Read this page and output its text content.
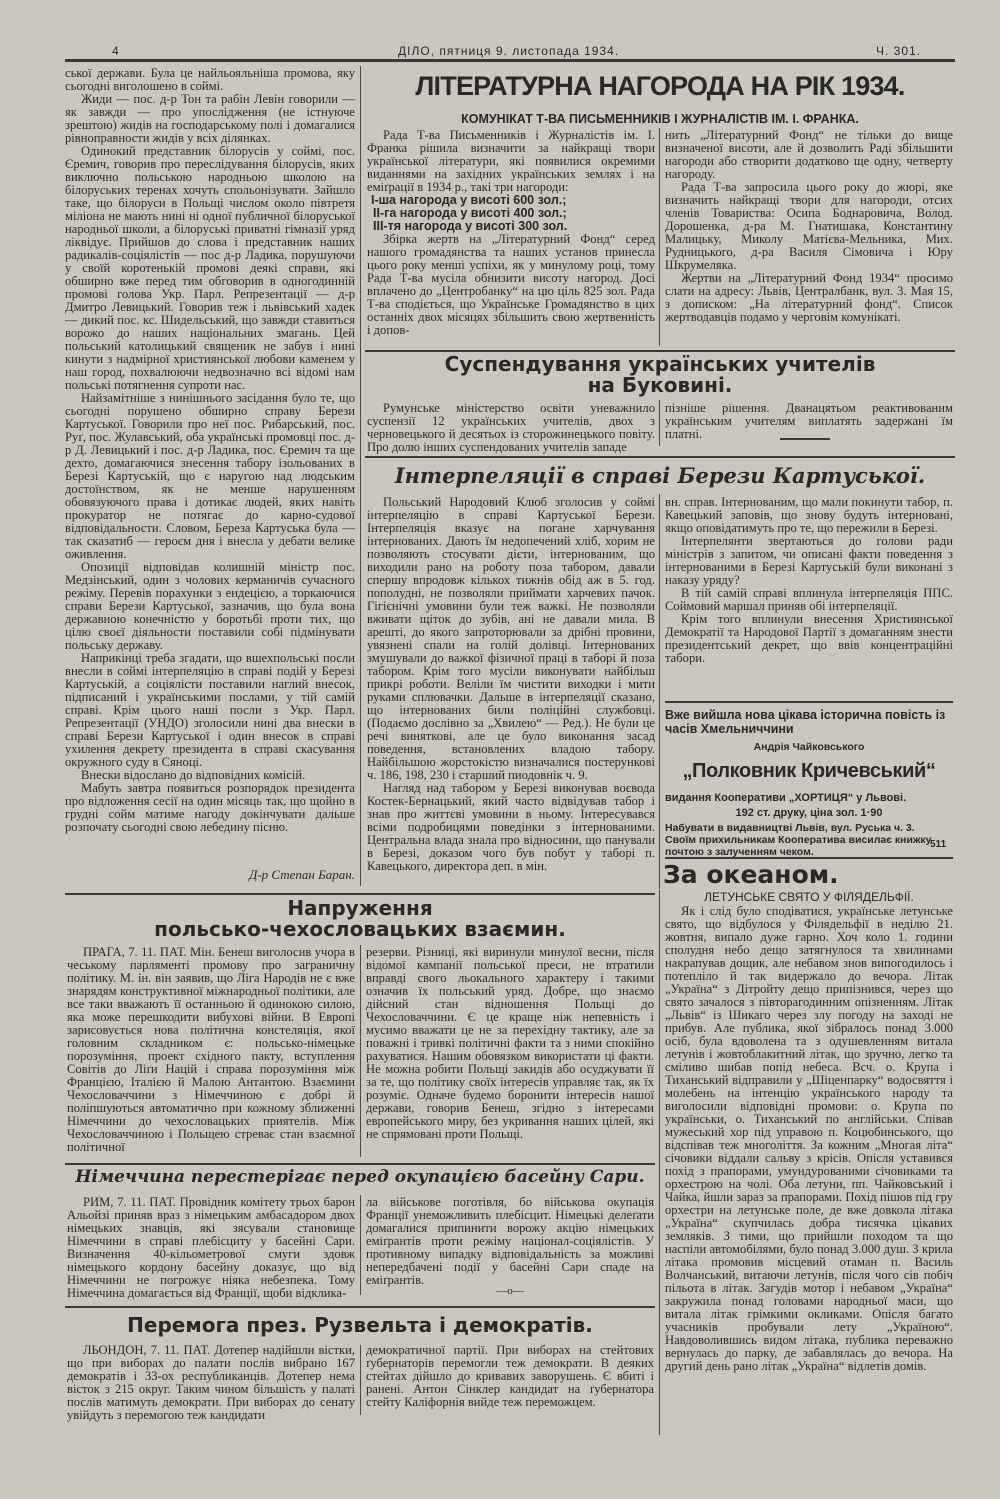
4	ДІЛО, пятниця 9. листопада 1934.	Ч. 301.

ської держави. Була це найльояльніша промова, яку сьогодні виголошено в соймі.

Жиди — пос. д-р Тон та рабін Левін говорили — як завжди — про упослідження (не істнуюче зрештою) жидів на господарському полі і домагалися рівноправности жидів у всіх ділянках.

Одинокий представник білорусів у соймі, пос. Єремич, говорив про переслідування білорусів, яких виключно польською народньою школою на білоруських теренах хочуть спольонізувати. Зайшло таке, що білоруси в Польщі числом около півтретя міліона не мають нині ні одної публичної білоруської народньої школи, а білоруські приватні гімназії уряд ліквідує. Прийшов до слова і представник наших радикалів-соціялістів — пос д-р Ладика, порушуючи у своїй коротенькій промові деякі справи, які обширно вже перед тим обговорив в одногодинній промові голова Укр. Парл. Репрезентації — д-р Дмитро Левицький. Говорив теж і львівський хадек — дикий пос. кс. Шидельський, що завжди ставиться ворожо до наших національних змагань. Цей польський католицький священик не забув і нині кинути з надмірної християнської любови каменем у наш город, похвалюючи недвозначно всі відомі нам польські потягнення супроти нас.

Найзамітніше з нинішнього засідання було те, що сьогодні порушено обширно справу Берези Картуської. Говорили про неї пос. Рибарський, пос. Руґ, пос. Жулавський, оба українські промовці пос. д-р Д. Левицький і пос. д-р Ладика, пос. Єремич та ще дехто, домагаючися знесення табору ізольованих в Березі Картуській, що є наругою над людським достоїнством, як не менше нарушенням обовязуючого права і дотикає людей, яких навіть прокуратор не потягає до карно-судової відповідальности. Словом, Береза Картуська була — так сказатиб — героєм дня і внесла у дебати велике оживлення.

Опозиції відповідав колишній міністр пос. Медзінський, один з чолових керманичів сучасного режіму. Перевів порахунки з ендецією, а торкаючися справи Берези Картуської, зазначив, що була вона державною конечністю у боротьбі проти тих, що цілю своєї діяльности поставили собі підмінувати польську державу.

Наприкінці треба згадати, що вшехпольські посли внесли в соймі інтерпеляцію в справі подій у Березі Картуській, а соціялісти поставили наглий внесок, підписаний і українськими послами, у тій самій справі. Крім цього наші посли з Укр. Парл. Репрезентації (УНДО) зголосили нині два внески в справі Берези Картуської і один внесок в справі ухилення декрету президента в справі скасування окружного суду в Сяноці.

Внески відослано до відповідних комісій.

Мабуть завтра появиться розпорядок президента про відложення сесії на один місяць так, що щойно в грудні сойм матиме нагоду докінчувати дальше розпочату сьогодні свою лебедину пісню.

Д-р Степан Баран.
ЛІТЕРАТУРНА НАГОРОДА НА РІК 1934.
КОМУНІКАТ Т-ВА ПИСЬМЕННИКІВ І ЖУРНАЛІСТІВ ІМ. І. ФРАНКА.

Рада Т-ва Письменників і Журналістів ім. І. Франка рішила визначити за найкращі твори української літератури, які появилися окремими виданнями на західних українських землях і на еміґрації в 1934 р., такі три нагороди:

I-ша нагорода у висоті 600 зол.;
II-га нагорода у висоті 400 зол.;
III-тя нагорода у висоті 300 зол.

Збірка жертв на „Літературний Фонд“ серед нашого громадянства та наших установ принесла цього року менші успіхи, як у минулому році, тому Рада Т-ва мусіла обнизити висоту нагород. Досі вплачено до „Центробанку“ на цю ціль 825 зол. Рада Т-ва сподіється, що Українське Громадянство в цих останніх двох місяцях збільшить свою жертвенність і допов-

нить „Літературний Фонд“ не тільки до вище визначеної висоти, але й дозволить Раді збільшити нагороди або створити додатково ще одну, четверту нагороду.

Рада Т-ва запросила цього року до жюрі, яке визначить найкращі твори для нагороди, отсих членів Товариства: Осипа Боднаровича, Волод. Дорошенка, д-ра М. Гнатишака, Константину Малицьку, Миколу Матієва-Мельника, Мих. Рудницького, д-ра Василя Сімовича і Юру Шкрумеляка.

Жертви на „Літературний Фонд 1934“ просимо слати на адресу: Львів, Централбанк, вул. 3. Мая 15, з дописком: „На літературний фонд“. Список жертводавців подамо у черговім комунікаті.

Суспендування українських учителів
на Буковині.

Румунське міністерство освіти уневажнило суспензії 12 українських учителів, двох з черновецького й десятьох із сторожинецького повіту. Про долю інших суспендованих учителів западе

пізніше рішення. Дванацятьом реактивованим українським учителям виплатять задержані їм платні.

Інтерпеляції в справі Берези Картуської.

Польський Народовий Клюб зголосив у соймі інтерпеляцію в справі Картуської Берези. Інтерпеляція вказує на погане харчування інтернованих. Дають їм недопечений хліб, хорим не позволяють стосувати дієти, інтернованим, що виходили рано на роботу поза табором, давали спершу впродовж кількох тижнів обід аж в 5. год. пополудні, не позволяли приймати харчевих пачок. Гігієнічні умовини були теж важкі. Не позволяли вживати щіток до зубів, ані не давали мила. В арешті, до якого запроторювали за дрібні провини, увязнені спали на голій долівці. Інтернованих змушували до важкої фізичної праці в таборі й поза табором. Крім того мусіли виконувати найбільш прикрі роботи. Веліли їм чистити виходки і мити руками сплювачки. Дальше в інтерпеляції сказано, що інтернованих били поліційні службовці. (Подаємо дослівно за „Хвилею“ — Ред.). Не були це речі виняткові, але це було виконання засад поведення, встановлених владою табору. Найбільшою жорстокістю визначалися постерункові ч. 186, 198, 230 і старший пиодовнік ч. 9.

Нагляд над табором у Березі виконував воєвода Костек-Бернацький, який часто відвідував табор і знав про життєві умовини в ньому. Інтересувався всіми подробицями поведінки з інтернованими. Центральна влада знала про відносини, що панували в Березі, доказом чого був побут у таборі п. Кавецького, директора деп. в мін.

вн. справ. Інтернованим, що мали покинути табор, п. Кавецький заповів, що знову будуть інтерновані, якщо оповідатимуть про те, що пережили в Березі.

Інтерпелянти звертаються до голови ради міністрів з запитом, чи описані факти поведення з інтернованими в Березі Картуській були виконані з наказу уряду?

В тій самій справі вплинула інтерпеляція ППС. Соймовий маршал приняв обі інтерпеляції.

Крім того вплинули внесення Християнської Демократії та Народової Партії з домаганням знести президентський декрет, що ввів концентраційні табори.

Вже вийшла нова цікава історична повість із часів Хмельниччини
Андрія Чайковського
„Полковник Кричевський“
видання Кооперативи „ХОРТИЦЯ“ у Львові.
192 ст. друку, ціна зол. 1·90
Набувати в видавництві Львів, вул. Руська ч. 3. Своїм прихильникам Кооператива висилає книжку почтою з залученням чеком.
511
За океаном.
ЛЕТУНСЬКЕ СВЯТО У ФІЛЯДЕЛЬФІЇ.

Як і слід було сподіватися, українське летунське свято, що відбулося у Філядельфії в неділю 21. жовтня, випало дуже гарно. Хоч коло 1. години сполудня небо дещо затягнулося та хвилинами накрапував дощик, але небавом знов випогодилось і потепліло й так видержало до вечора. Літак „Україна“ з Дітройту дещо припізнився, через що свято зачалося з півторагодинним опізненням. Літак „Львів“ із Шикаго через злу погоду на заході не прибув. Але публика, якої зібралось понад 3.000 осіб, була вдоволена та з одушевленням витала летунів і жовтоблакитний літак, що зручно, легко та сміливо шибав попід небеса. Всч. о. Крупа і Тиханський відправили у „Шіценпарку“ водосвяття і молебень на інтенцію українського народу та виголосили відповідні промови: о. Крупа по українськи, о. Тиханський по англійськи. Співав мужеський хор під управою п. Коцюбинського, що відспівав теж многоліття. За кожним „Многая літа“ січовики віддали сальву з крісів. Опісля уставився похід з прапорами, умундурованими січовиками та орхестрою на чолі. Оба летуни, пп. Чайковський і Чайка, йшли зараз за прапорами. Похід пішов під гру орхестри на летунське поле, де вже довкола літака „Україна“ скупчилась добра тисячка цікавих земляків. З тими, що прийшли походом та що наспіли автомобілями, було понад 3.000 душ. З крила літака промовив місцевий отаман п. Василь Волчанський, витаючи летунів, після чого сів побіч пільота в літак. Загудів мотор і небавом „Україна“ закружила понад головами народньої маси, що витала літак грімкими окликами. Опісля багато учасників пробували лету „Україною“. Навдоволившись видом літака, публика переважно вернулась до парку, де забавлялась до вечора. На другий день рано літак „Україна“ відлетів домів.

Напруження
польсько-чехословацьких взаємин.

ПРАГА, 7. 11. ПАТ. Мін. Бенеш виголосив учора в чеському парляменті промову про заграничну політику. М. ін. він заявив, що Ліга Народів не є вже знарядям конструктивної міжнародньої політики, але все таки вважають її останньою й одинокою силою, яка може перешкодити вибухові війни. В Европі зарисовується нова політична констеляція, якої головним складником є: польсько-німецьке порозуміння, проект східного пакту, вступлення Совітів до Ліґи Націй і справа порозуміння між Францією, Італією й Малою Антантою. Взаємини Чехословаччини з Німеччиною є добрі й поліпшуються автоматично при кожному зближенні Німеччини до чехословацьких приятелів. Між Чехословаччиною і Польщею стреває стан взаємної політичної

резерви. Різниці, які виринули минулої весни, після відомої кампанії польської преси, не втратили вправді свого льокального характеру і такими означив їх польський уряд. Добре, що знаємо дійсний стан відношення Польщі до Чехословаччини. Є це краще ніж непевність і мусимо вважати це не за перехідну тактику, але за поважні і тривкі політичні факти та з ними спокійно рахуватися. Нашим обовязком використати ці факти. Не можна робити Польщі закидів або осуджувати її за те, що політику своїх інтересів управляє так, як їх розуміє. Одначе будемо боронити інтересів нашої держави, говорив Бенеш, згідно з інтересами европейського миру, без укривання наших цілей, які не спрямовані проти Польщі.

Німеччина перестерігає перед окупацією басейну Сари.

РИМ, 7. 11. ПАТ. Провідник комітету трьох барон Альойзі приняв враз з німецьким амбасадором двох німецьких знавців, які зясували становище Німеччини в справі плебісциту у басейні Сари. Визначення 40-кільометрової смуги здовж німецького кордону басейну доказує, що від Німеччини не погрожує ніяка небезпека. Тому Німеччина домагається від Франції, щоби відклика-

ла військове поготівля, бо військова окупація Франції унеможливить плебісцит. Німецькі делеґати домагалися припинити ворожу акцію німецьких еміґрантів проти режіму націонал-соціялістів. У противному випадку відповідальність за можливі непередбачені події у басейні Сари спаде на еміґрантів.

—o—
Перемога през. Рузвельта і демократів.

ЛЬОНДОН, 7. 11. ПАТ. Дотепер надійшли вістки, що при виборах до палати послів вибрано 167 демократів і 33-ох республиканців. Дотепер нема вісток з 215 округ. Таким чином більшість у палаті послів матимуть демократи. При виборах до сенату увійдуть з перемогою теж кандидати

демократичної партії. При виборах на стейтових ґубернаторів перемогли теж демократи. В деяких стейтах дійшло до кривавих заворушень. Є вбиті і ранені. Антон Сінклер кандидат на ґубернатора стейту Каліфорнія вийде теж переможцем.
